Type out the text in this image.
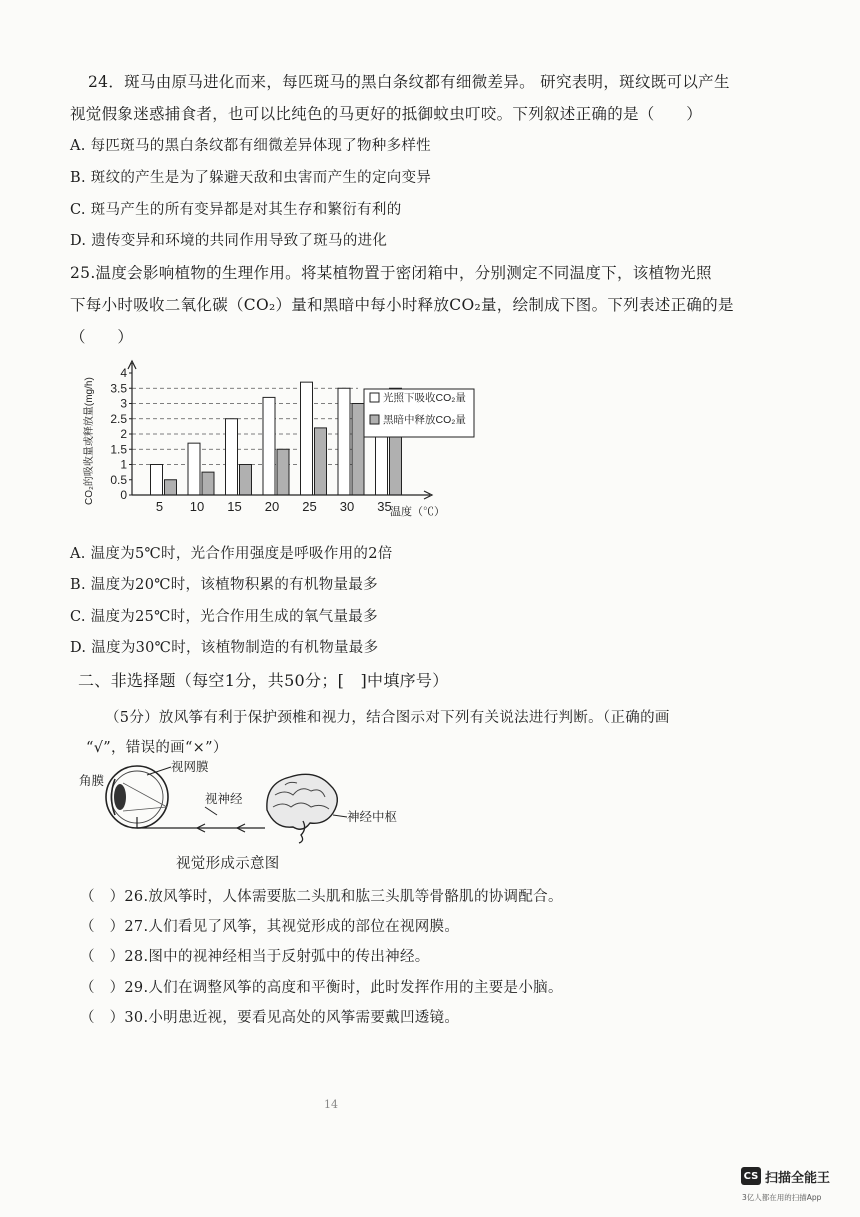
24．斑马由原马进化而来，每匹斑马的黑白条纹都有细微差异。 研究表明，斑纹既可以产生
视觉假象迷惑捕食者，也可以比纯色的马更好的抵御蚊虫叮咬。下列叙述正确的是（　　）
A. 每匹斑马的黑白条纹都有细微差异体现了物种多样性
B. 斑纹的产生是为了躲避天敌和虫害而产生的定向变异
C. 斑马产生的所有变异都是对其生存和繁衍有利的
D. 遗传变异和环境的共同作用导致了斑马的进化
25.温度会影响植物的生理作用。将某植物置于密闭箱中，分别测定不同温度下，该植物光照
下每小时吸收二氧化碳（CO₂）量和黑暗中每小时释放CO₂量，绘制成下图。下列表述正确的是
（　　）
5 10 15 20 25 30 35
0
0.5
1
1.5
2
2.5
3
3.5
4
温度（℃）
CO₂的吸收量或释放量(mg/h)	光照下吸收CO₂量
黑暗中释放CO₂量
A. 温度为5℃时，光合作用强度是呼吸作用的2倍
B. 温度为20℃时，该植物积累的有机物量最多
C. 温度为25℃时，光合作用生成的氧气量最多
D. 温度为30℃时，该植物制造的有机物量最多
二、非选择题（每空1分，共50分；[　]中填序号）
（5分）放风筝有利于保护颈椎和视力，结合图示对下列有关说法进行判断。（正确的画
“√”，错误的画“×”）
角膜
视网膜
视神经
神经中枢
视觉形成示意图
（　）26.放风筝时，人体需要肱二头肌和肱三头肌等骨骼肌的协调配合。
（　）27.人们看见了风筝，其视觉形成的部位在视网膜。
（　）28.图中的视神经相当于反射弧中的传出神经。
（　）29.人们在调整风筝的高度和平衡时，此时发挥作用的主要是小脑。
（　）30.小明患近视，要看见高处的风筝需要戴凹透镜。
14
CS 扫描全能王
3亿人都在用的扫描App
